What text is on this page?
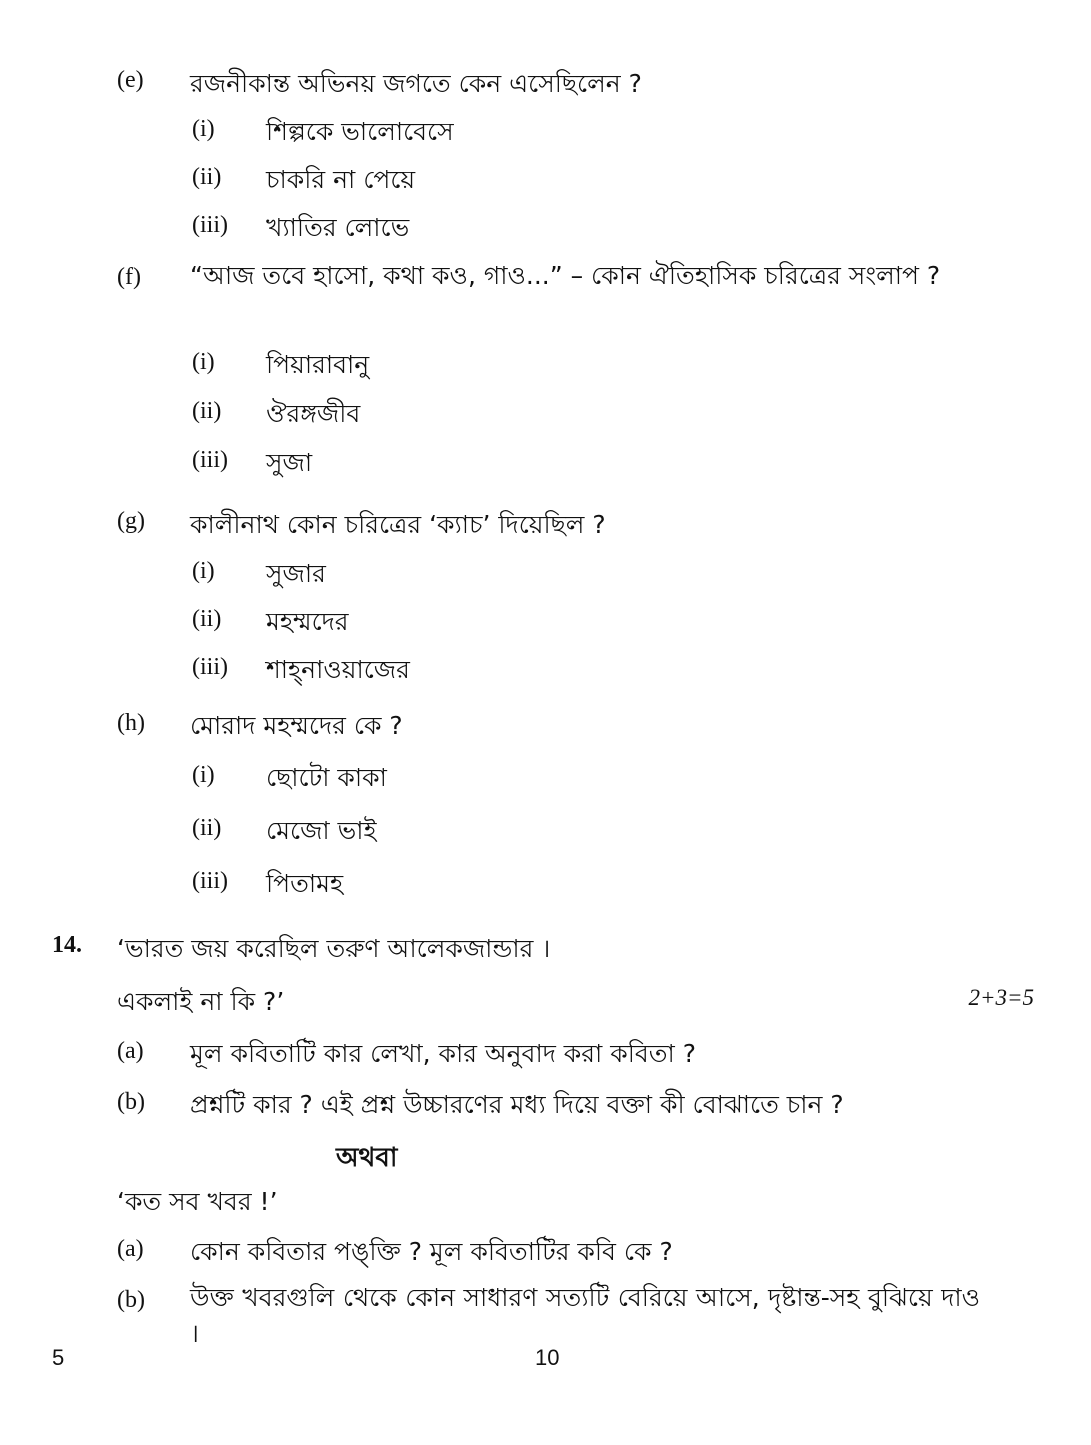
(e) রজনীকান্ত অভিনয় জগতে কেন এসেছিলেন ?
(i) শিল্পকে ভালোবেসে
(ii) চাকরি না পেয়ে
(iii) খ্যাতির লোভে
(f) “আজ তবে হাসো, কথা কও, গাও...” – কোন ঐতিহাসিক চরিত্রের সংলাপ ?
(i) পিয়ারাবানু
(ii) ঔরঙ্গজীব
(iii) সুজা
(g) কালীনাথ কোন চরিত্রের ‘ক্যাচ’ দিয়েছিল ?
(i) সুজার
(ii) মহম্মদের
(iii) শাহ্‌নাওয়াজের
(h) মোরাদ মহম্মদের কে ?
(i) ছোটো কাকা
(ii) মেজো ভাই
(iii) পিতামহ
14. ‘ভারত জয় করেছিল তরুণ আলেকজান্ডার ।
একলাই না কি ?’	2+3=5
(a) মূল কবিতাটি কার লেখা, কার অনুবাদ করা কবিতা ?
(b) প্রশ্নটি কার ? এই প্রশ্ন উচ্চারণের মধ্য দিয়ে বক্তা কী বোঝাতে চান ?
অথবা
‘কত সব খবর !’
(a) কোন কবিতার পঙ্‌ক্তি ? মূল কবিতাটির কবি কে ?
(b) উক্ত খবরগুলি থেকে কোন সাধারণ সত্যটি বেরিয়ে আসে, দৃষ্টান্ত-সহ বুঝিয়ে দাও ।
5	10
